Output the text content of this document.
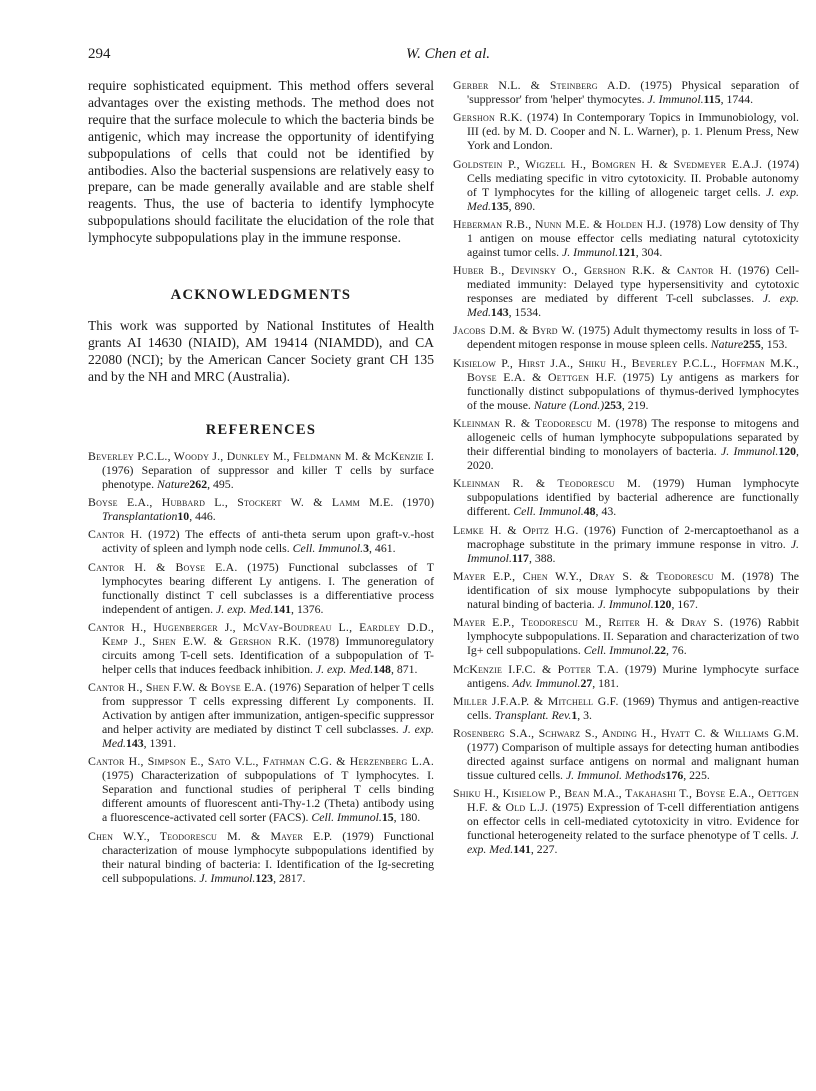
294	W. Chen et al.

require sophisticated equipment. This method offers several advantages over the existing methods. The method does not require that the surface molecule to which the bacteria binds be antigenic, which may increase the opportunity of identifying subpopulations of cells that could not be identified by antibodies. Also the bacterial suspensions are relatively easy to prepare, can be made generally available and are stable shelf reagents. Thus, the use of bacteria to identify lymphocyte subpopulations should facilitate the elucidation of the role that lymphocyte subpopulations play in the immune response.

ACKNOWLEDGMENTS

This work was supported by National Institutes of Health grants AI 14630 (NIAID), AM 19414 (NIAMDD), and CA 22080 (NCI); by the American Cancer Society grant CH 135 and by the NH and MRC (Australia).

REFERENCES
Beverley P.C.L., Woody J., Dunkley M., Feldmann M. & McKenzie I. (1976) Separation of suppressor and killer T cells by surface phenotype. Nature262, 495.
Boyse E.A., Hubbard L., Stockert W. & Lamm M.E. (1970) Transplantation10, 446.
Cantor H. (1972) The effects of anti-theta serum upon graft-v.-host activity of spleen and lymph node cells. Cell. Immunol.3, 461.
Cantor H. & Boyse E.A. (1975) Functional subclasses of T lymphocytes bearing different Ly antigens. I. The generation of functionally distinct T cell subclasses is a differentiative process independent of antigen. J. exp. Med.141, 1376.
Cantor H., Hugenberger J., McVay-Boudreau L., Eardley D.D., Kemp J., Shen E.W. & Gershon R.K. (1978) Immunoregulatory circuits among T-cell sets. Identification of a subpopulation of T-helper cells that induces feedback inhibition. J. exp. Med.148, 871.
Cantor H., Shen F.W. & Boyse E.A. (1976) Separation of helper T cells from suppressor T cells expressing different Ly components. II. Activation by antigen after immunization, antigen-specific suppressor and helper activity are mediated by distinct T cell subclasses. J. exp. Med.143, 1391.
Cantor H., Simpson E., Sato V.L., Fathman C.G. & Herzenberg L.A. (1975) Characterization of subpopulations of T lymphocytes. I. Separation and functional studies of peripheral T cells binding different amounts of fluorescent anti-Thy-1.2 (Theta) antibody using a fluorescence-activated cell sorter (FACS). Cell. Immunol.15, 180.
Chen W.Y., Teodorescu M. & Mayer E.P. (1979) Functional characterization of mouse lymphocyte subpopulations identified by their natural binding of bacteria: I. Identification of the Ig-secreting cell subpopulations. J. Immunol.123, 2817.
Gerber N.L. & Steinberg A.D. (1975) Physical separation of 'suppressor' from 'helper' thymocytes. J. Immunol.115, 1744.
Gershon R.K. (1974) In Contemporary Topics in Immunobiology, vol. III (ed. by M. D. Cooper and N. L. Warner), p. 1. Plenum Press, New York and London.
Goldstein P., Wigzell H., Bomgren H. & Svedmeyer E.A.J. (1974) Cells mediating specific in vitro cytotoxicity. II. Probable autonomy of T lymphocytes for the killing of allogeneic target cells. J. exp. Med.135, 890.
Heberman R.B., Nunn M.E. & Holden H.J. (1978) Low density of Thy 1 antigen on mouse effector cells mediating natural cytotoxicity against tumor cells. J. Immunol.121, 304.
Huber B., Devinsky O., Gershon R.K. & Cantor H. (1976) Cell-mediated immunity: Delayed type hypersensitivity and cytotoxic responses are mediated by different T-cell subclasses. J. exp. Med.143, 1534.
Jacobs D.M. & Byrd W. (1975) Adult thymectomy results in loss of T-dependent mitogen response in mouse spleen cells. Nature255, 153.
Kisielow P., Hirst J.A., Shiku H., Beverley P.C.L., Hoffman M.K., Boyse E.A. & Oettgen H.F. (1975) Ly antigens as markers for functionally distinct subpopulations of thymus-derived lymphocytes of the mouse. Nature (Lond.)253, 219.
Kleinman R. & Teodorescu M. (1978) The response to mitogens and allogeneic cells of human lymphocyte subpopulations separated by their differential binding to monolayers of bacteria. J. Immunol.120, 2020.
Kleinman R. & Teodorescu M. (1979) Human lymphocyte subpopulations identified by bacterial adherence are functionally different. Cell. Immunol.48, 43.
Lemke H. & Opitz H.G. (1976) Function of 2-mercaptoethanol as a macrophage substitute in the primary immune response in vitro. J. Immunol.117, 388.
Mayer E.P., Chen W.Y., Dray S. & Teodorescu M. (1978) The identification of six mouse lymphocyte subpopulations by their natural binding of bacteria. J. Immunol.120, 167.
Mayer E.P., Teodorescu M., Reiter H. & Dray S. (1976) Rabbit lymphocyte subpopulations. II. Separation and characterization of two Ig+ cell subpopulations. Cell. Immunol.22, 76.
McKenzie I.F.C. & Potter T.A. (1979) Murine lymphocyte surface antigens. Adv. Immunol.27, 181.
Miller J.F.A.P. & Mitchell G.F. (1969) Thymus and antigen-reactive cells. Transplant. Rev.1, 3.
Rosenberg S.A., Schwarz S., Anding H., Hyatt C. & Williams G.M. (1977) Comparison of multiple assays for detecting human antibodies directed against surface antigens on normal and malignant human tissue cultured cells. J. Immunol. Methods176, 225.
Shiku H., Kisielow P., Bean M.A., Takahashi T., Boyse E.A., Oettgen H.F. & Old L.J. (1975) Expression of T-cell differentiation antigens on effector cells in cell-mediated cytotoxicity in vitro. Evidence for functional heterogeneity related to the surface phenotype of T cells. J. exp. Med.141, 227.
